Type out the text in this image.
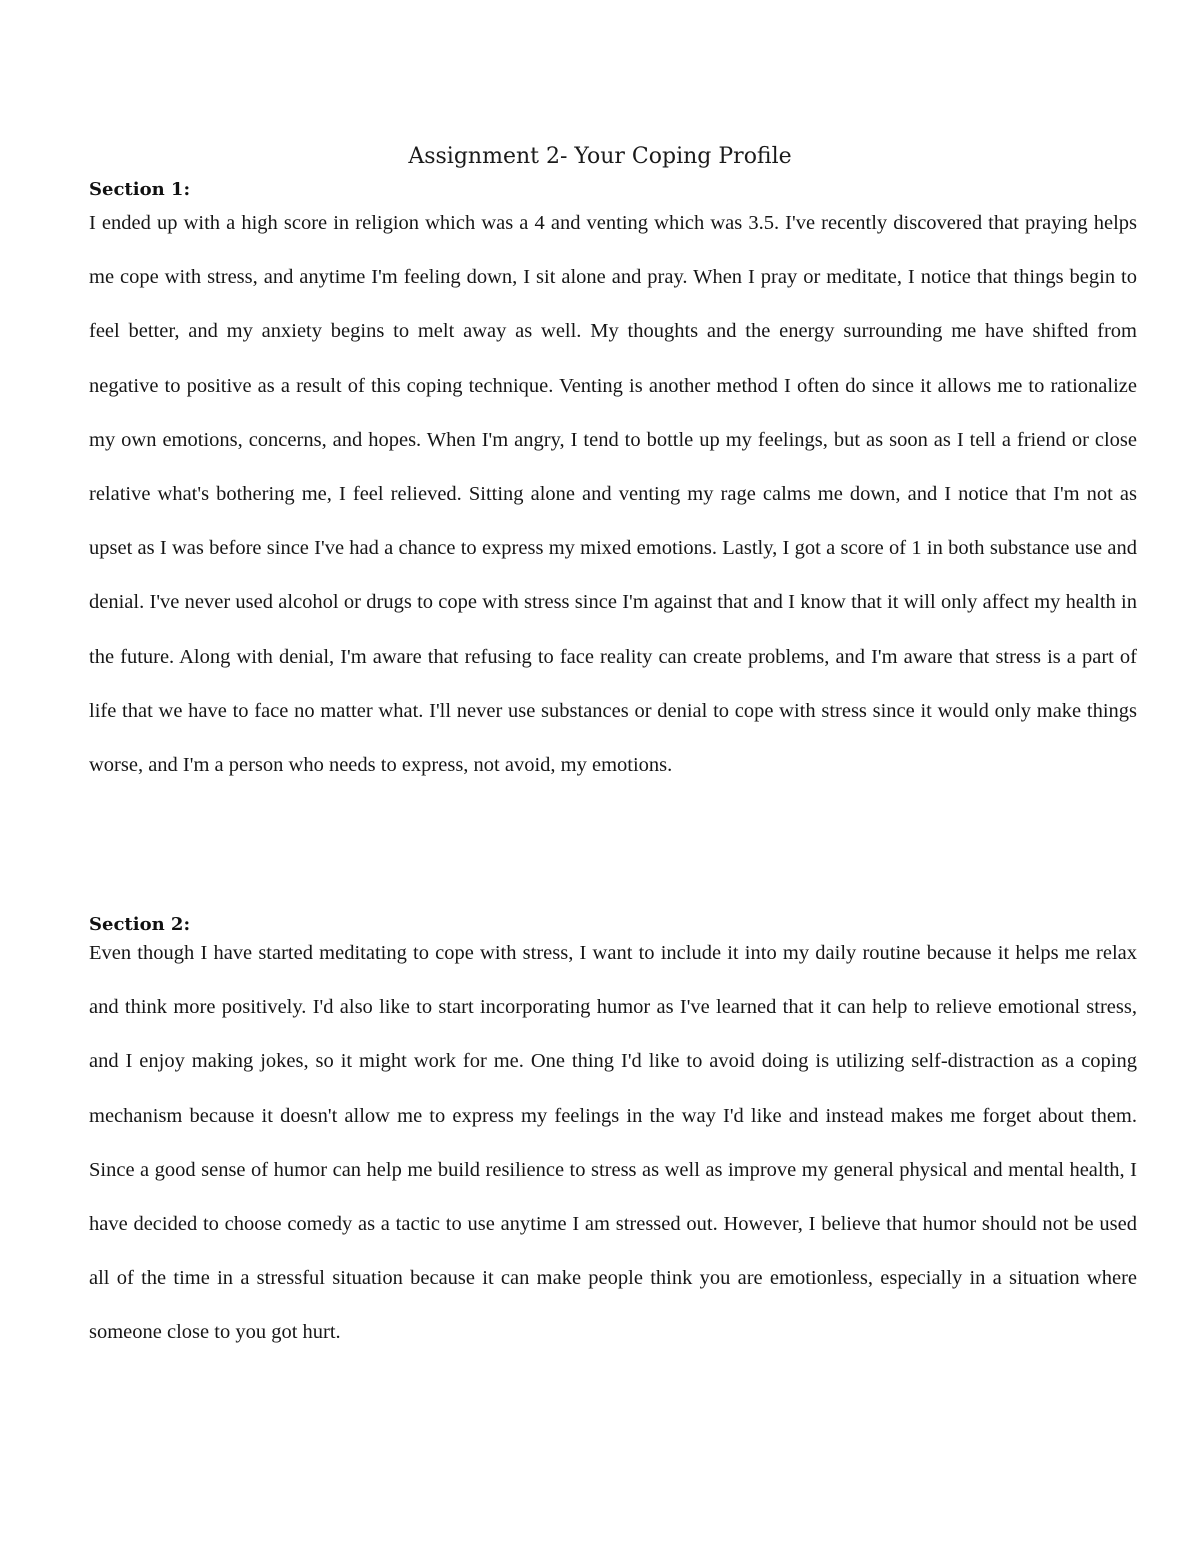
Assignment 2- Your Coping Profile
Section 1:

I ended up with a high score in religion which was a 4 and venting which was 3.5. I've recently discovered that praying helps me cope with stress, and anytime I'm feeling down, I sit alone and pray. When I pray or meditate, I notice that things begin to feel better, and my anxiety begins to melt away as well. My thoughts and the energy surrounding me have shifted from negative to positive as a result of this coping technique. Venting is another method I often do since it allows me to rationalize my own emotions, concerns, and hopes. When I'm angry, I tend to bottle up my feelings, but as soon as I tell a friend or close relative what's bothering me, I feel relieved. Sitting alone and venting my rage calms me down, and I notice that I'm not as upset as I was before since I've had a chance to express my mixed emotions. Lastly, I got a score of 1 in both substance use and denial. I've never used alcohol or drugs to cope with stress since I'm against that and I know that it will only affect my health in the future. Along with denial, I'm aware that refusing to face reality can create problems, and I'm aware that stress is a part of life that we have to face no matter what. I'll never use substances or denial to cope with stress since it would only make things worse, and I'm a person who needs to express, not avoid, my emotions.

Section 2:

Even though I have started meditating to cope with stress, I want to include it into my daily routine because it helps me relax and think more positively. I'd also like to start incorporating humor as I've learned that it can help to relieve emotional stress, and I enjoy making jokes, so it might work for me. One thing I'd like to avoid doing is utilizing self-distraction as a coping mechanism because it doesn't allow me to express my feelings in the way I'd like and instead makes me forget about them. Since a good sense of humor can help me build resilience to stress as well as improve my general physical and mental health, I have decided to choose comedy as a tactic to use anytime I am stressed out. However, I believe that humor should not be used all of the time in a stressful situation because it can make people think you are emotionless, especially in a situation where someone close to you got hurt.
